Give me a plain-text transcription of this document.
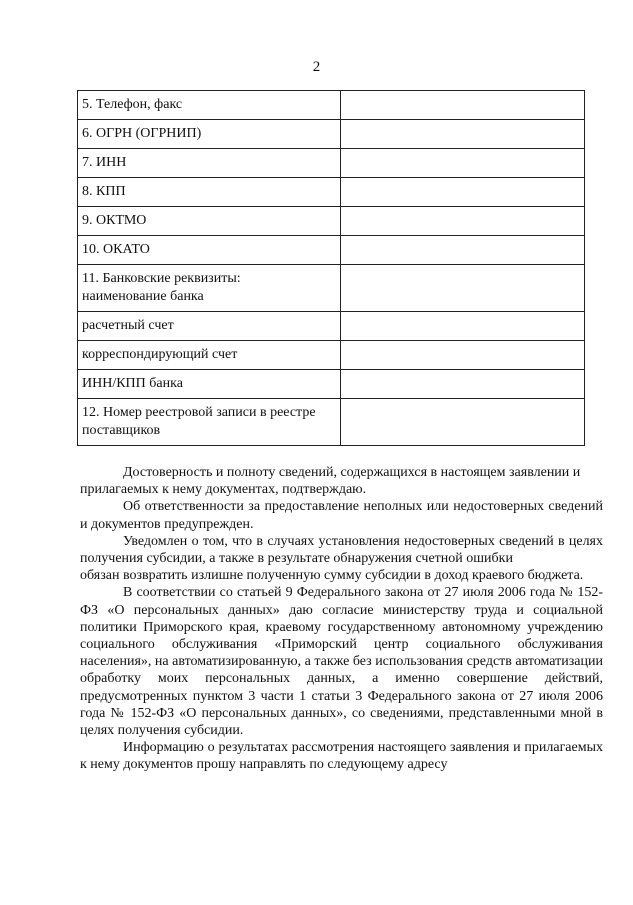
2
5. Телефон, факс	
6. ОГРН (ОГРНИП)	
7. ИНН	
8. КПП	
9. ОКТМО	
10. ОКАТО	
11. Банковские реквизиты:
наименование банка	
расчетный счет	
корреспондирующий счет	
ИНН/КПП банка	
12. Номер реестровой записи в реестре
поставщиков	

Достоверность и полноту сведений, содержащихся в настоящем заявлении и

прилагаемых к нему документах, подтверждаю.

Об ответственности за предоставление неполных или недостоверных сведений и документов предупрежден.

Уведомлен о том, что в случаях установления недостоверных сведений в целях получения субсидии, а также в результате обнаружения счетной ошибки

обязан возвратить излишне полученную сумму субсидии в доход краевого бюджета.

В соответствии со статьей 9 Федерального закона от 27 июля 2006 года № 152-ФЗ «О персональных данных» даю согласие министерству труда и социальной политики Приморского края, краевому государственному автономному учреждению социального обслуживания «Приморский центр социального обслуживания населения», на автоматизированную, а также без использования средств автоматизации обработку моих персональных данных, а именно совершение действий, предусмотренных пунктом 3 части 1 статьи 3 Федерального закона от 27 июля 2006 года № 152-ФЗ «О персональных данных», со сведениями, представленными мной в целях получения субсидии.

Информацию о результатах рассмотрения настоящего заявления и прилагаемых к нему документов прошу направлять по следующему адресу
